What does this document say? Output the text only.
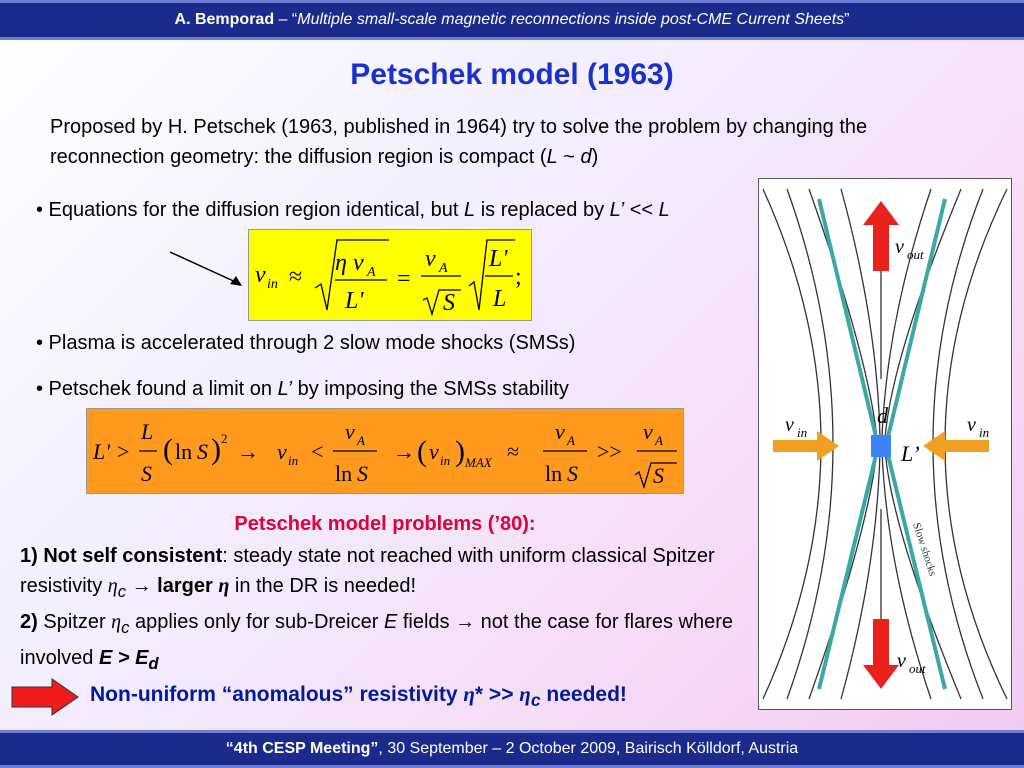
A. Bemporad – “Multiple small-scale magnetic reconnections inside post-CME Current Sheets”
Petschek model (1963)
Proposed by H. Petschek (1963, published in 1964) try to solve the problem by changing the reconnection geometry: the diffusion region is compact (L ~ d)
• Equations for the diffusion region identical, but L is replaced by L’ << L
v in ≈
η v A
L'
=
v A
S
L'
L
;
• Plasma is accelerated through 2 slow mode shocks (SMSs)
• Petschek found a limit on L’ by imposing the SMSs stability
L' >
L
S
( ln S ) 2
→ v in <
v A
ln S
→ ( v in ) MAX ≈
v A
ln S
>>
v A
S
Petschek model problems (’80):
1) Not self consistent: steady state not reached with uniform classical Spitzer resistivity $\eta_c$ → larger η in the DR is needed!
2) Spitzer $\eta_c$ applies only for sub-Dreicer E fields → not the case for flares where involved $E > E_d$
Non-uniform “anomalous” resistivity $\eta* >> \eta_c$ needed!
v out
v out
v in	v in
d
L’
Slow shocks
“4th CESP Meeting”, 30 September – 2 October 2009, Bairisch Kölldorf, Austria
